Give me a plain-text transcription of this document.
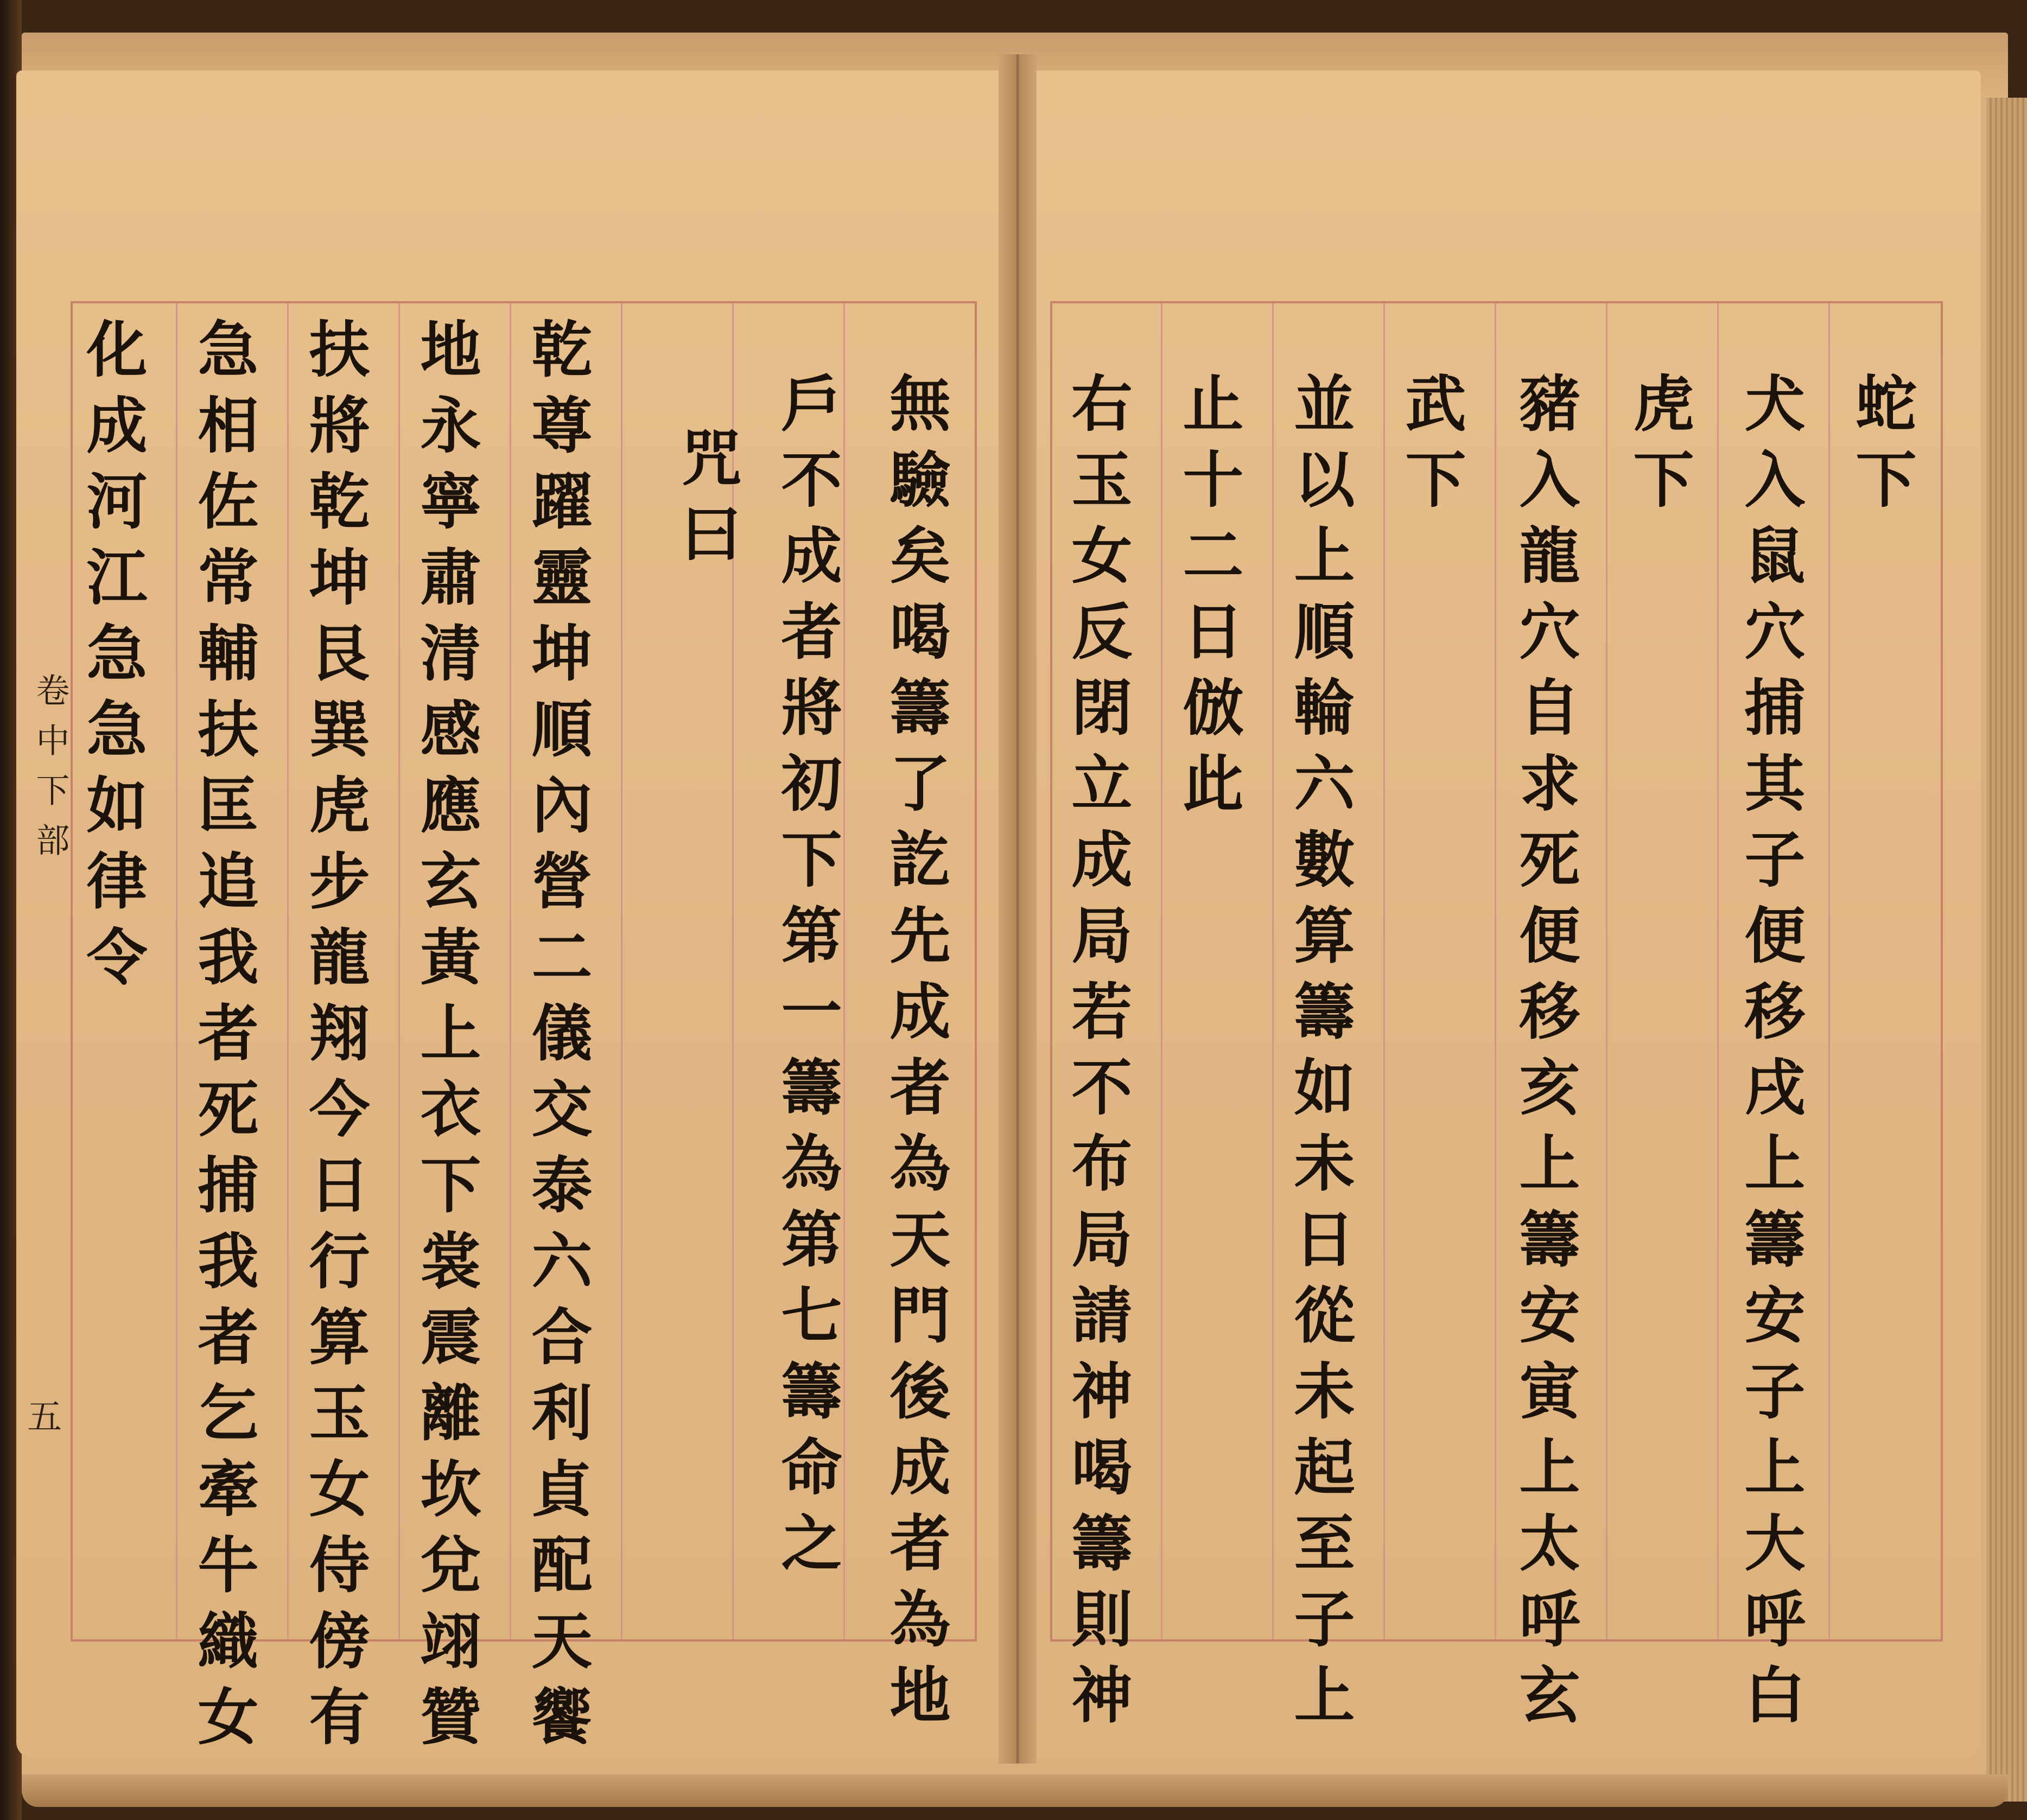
化成河江急急如律令 急相佐常輔扶匡追我者死捕我者乞牽牛織女 扶將乾坤艮巽虎步龍翔今日行算玉女侍傍有 地永寧肅清感應玄黃上衣下裳震離坎兌翊贊 乾尊躍靈坤順內營二儀交泰六合利貞配天饗 咒曰 戶不成者將初下第一籌為第七籌命之 無驗矣喝籌了訖先成者為天門後成者為地
卷中下部
五	右玉女反閉立成局若不布局請神喝籌則神 止十二日倣此 並以上順輪六數算籌如未日從未起至子上 武下 豬入龍穴自求死便移亥上籌安寅上太呼玄 虎下 犬入鼠穴捕其子便移戌上籌安子上大呼白 蛇下
